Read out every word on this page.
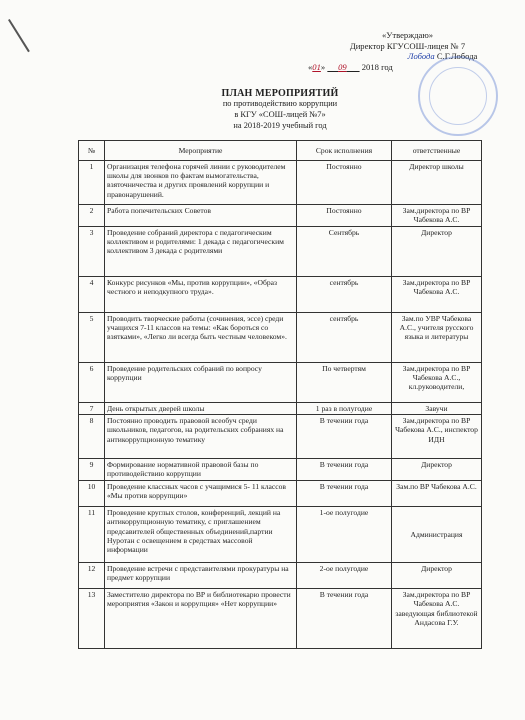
«Утверждаю»
Директор КГУСОШ-лицея № 7
Лобода С.Г.Лобода
«01» 09 2018 год
ПЛАН МЕРОПРИЯТИЙ
по противодействию коррупции
в КГУ «СОШ-лицей №7»
на 2018-2019 учебный год
№	Мероприятие	Срок исполнения	ответственные
1	Организация телефона горячей линии с руководителем школы для звонков по фактам вымогательства, взяточничества и других проявлений коррупции и правонарушений.	Постоянно	Директор школы
2	Работа попечительских Советов	Постоянно	Зам.директора по ВР Чабекова А.С.
3	Проведение собраний директора с педагогическим коллективом и родителями: 1 декада с педагогическим коллективом 3 декада с родителями	Сентябрь	Директор
4	Конкурс рисунков «Мы, против коррупции», «Образ честного и неподкупного труда».	сентябрь	Зам.директора по ВР Чабекова А.С.
5	Проводить творческие работы (сочинения, эссе) среди учащихся 7-11 классов на темы: «Как бороться со взятками», «Легко ли всегда быть честным человеком».	сентябрь	Зам.по УВР Чабекова А.С., учителя русского языка и литературы
6	Проведение родительских собраний по вопросу коррупции	По четвертям	Зам.директора по ВР Чабекова А.С., кл.руководители,
7	День открытых дверей школы	1 раз в полугодие	Завучи
8	Постоянно проводить правовой всеобуч среди школьников, педагогов, на родительских собраниях на антикоррупционную тематику	В течении года	Зам.директора по ВР Чабекова А.С., инспектор ИДН
9	Формирование нормативной правовой базы по противодействию коррупции	В течении года	Директор
10	Проведение классных часов с учащимися 5- 11 классов «Мы против коррупции»	В течении года	Зам.по ВР Чабекова А.С.
11	Проведение круглых столов, конференций, лекций на антикоррупционную тематику, с приглашением предсавителей общественных объединений,партии Нуротан с освещением в средствах массовой информации	1-ое полугодие	Администрация
12	Проведение встречи с представителями прокуратуры на предмет коррупции	2-ое полугодие	Директор
13	Заместителю директора по ВР и библиотекарю провести мероприятия «Закон и коррупция» «Нет коррупции»	В течении года	Зам.директора по ВР Чабекова А.С. заведующая библиотекой Андасова Г.У.
